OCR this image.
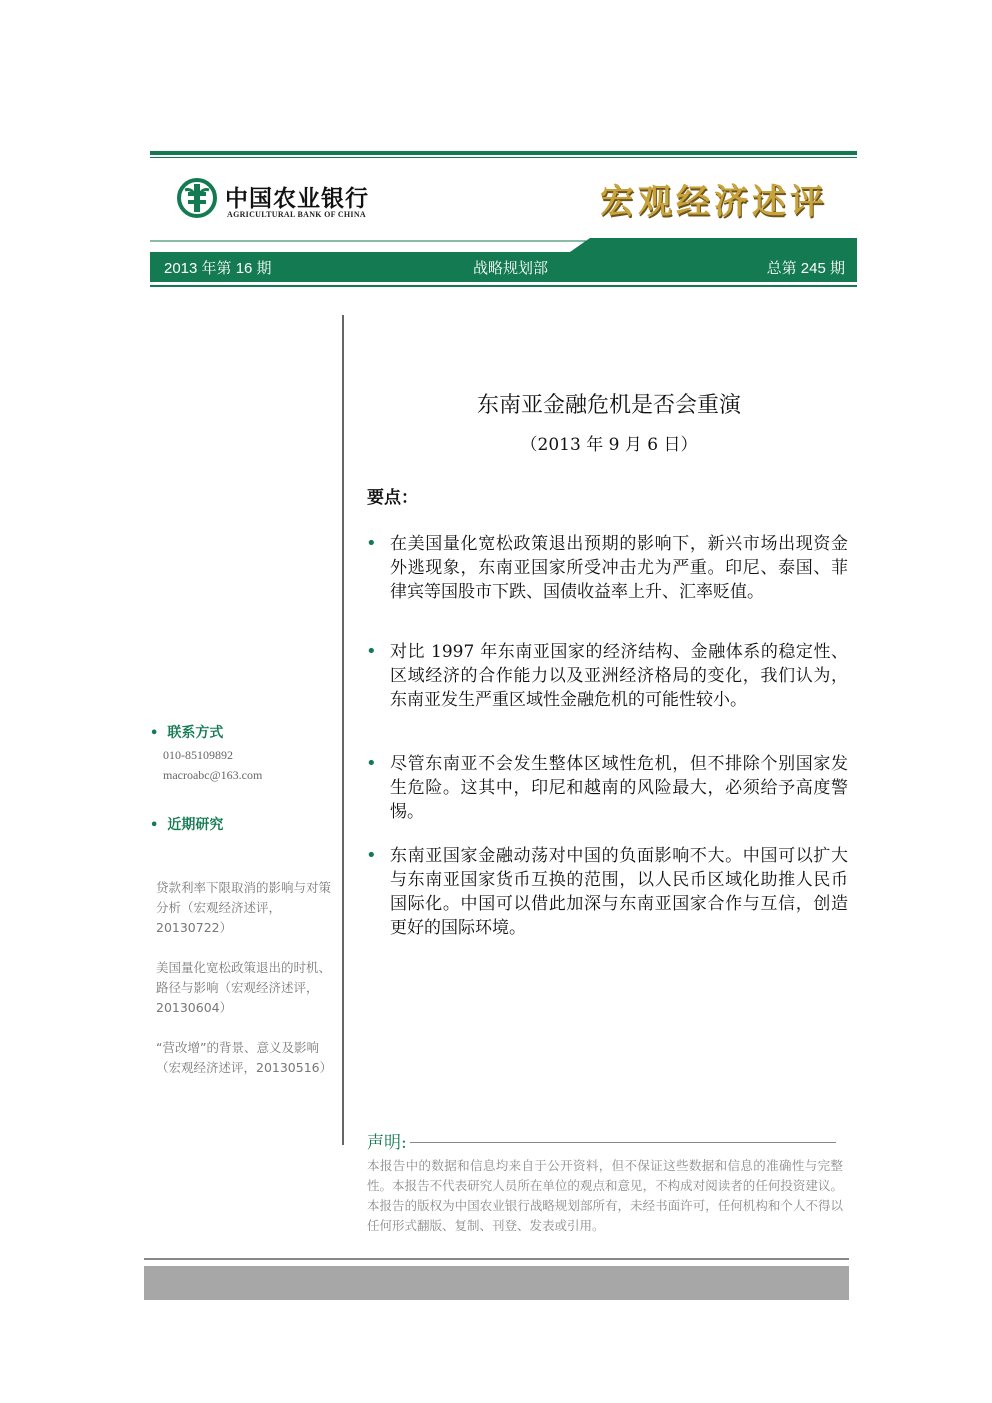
中国农业银行
AGRICULTURAL BANK OF CHINA	宏观经济述评
2013 年第 16 期	战略规划部	总第 245 期
•  联系方式
010-85109892
macroabc@163.com
•  近期研究
贷款利率下限取消的影响与对策分析（宏观经济述评，20130722）
美国量化宽松政策退出的时机、路径与影响（宏观经济述评，20130604）
“营改增”的背景、意义及影响（宏观经济述评，20130516）
东南亚金融危机是否会重演
（2013 年 9 月 6 日）
要点：
• 在美国量化宽松政策退出预期的影响下，新兴市场出现资金外逃现象，东南亚国家所受冲击尤为严重。印尼、泰国、菲律宾等国股市下跌、国债收益率上升、汇率贬值。
• 对比 1997 年东南亚国家的经济结构、金融体系的稳定性、区域经济的合作能力以及亚洲经济格局的变化，我们认为，东南亚发生严重区域性金融危机的可能性较小。
• 尽管东南亚不会发生整体区域性危机，但不排除个别国家发生危险。这其中，印尼和越南的风险最大，必须给予高度警惕。
• 东南亚国家金融动荡对中国的负面影响不大。中国可以扩大与东南亚国家货币互换的范围，以人民币区域化助推人民币国际化。中国可以借此加深与东南亚国家合作与互信，创造更好的国际环境。
声明:
本报告中的数据和信息均来自于公开资料，但不保证这些数据和信息的准确性与完整性。本报告不代表研究人员所在单位的观点和意见，不构成对阅读者的任何投资建议。本报告的版权为中国农业银行战略规划部所有，未经书面许可，任何机构和个人不得以任何形式翻版、复制、刊登、发表或引用。
